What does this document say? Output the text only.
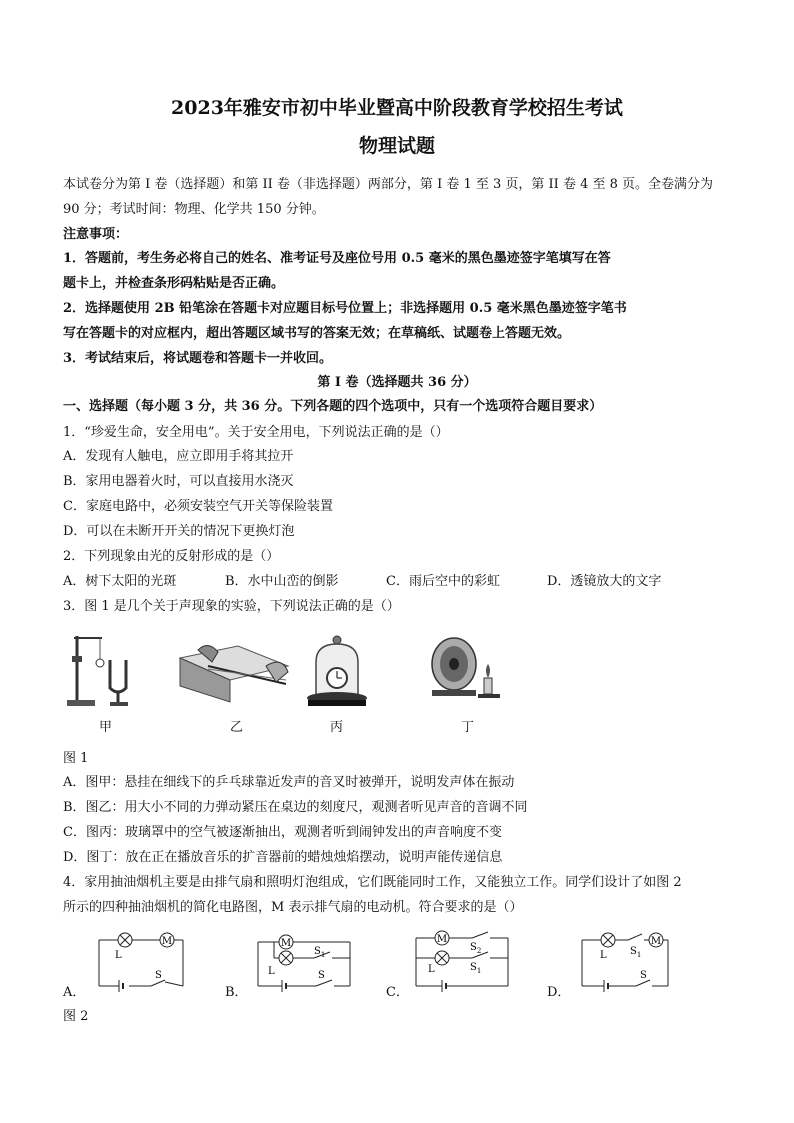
2023年雅安市初中毕业暨高中阶段教育学校招生考试
物理试题
本试卷分为第 I 卷（选择题）和第 II 卷（非选择题）两部分，第 I 卷 1 至 3 页，第 II 卷 4 至 8 页。全卷满分为
90 分；考试时间：物理、化学共 150 分钟。
注意事项：
1．答题前，考生务必将自己的姓名、准考证号及座位号用 0.5 毫米的黑色墨迹签字笔填写在答
题卡上，并检查条形码粘贴是否正确。
2．选择题使用 2B 铅笔涂在答题卡对应题目标号位置上；非选择题用 0.5 毫米黑色墨迹签字笔书
写在答题卡的对应框内，超出答题区域书写的答案无效；在草稿纸、试题卷上答题无效。
3．考试结束后，将试题卷和答题卡一并收回。
第 I 卷（选择题共 36 分）
一、选择题（每小题 3 分，共 36 分。下列各题的四个选项中，只有一个选项符合题目要求）
1．“珍爱生命，安全用电”。关于安全用电，下列说法正确的是（）
A．发现有人触电，应立即用手将其拉开
B．家用电器着火时，可以直接用水浇灭
C．家庭电路中，必须安装空气开关等保险装置
D．可以在未断开开关的情况下更换灯泡
2．下列现象由光的反射形成的是（）
A．树下太阳的光斑	B．水中山峦的倒影	C．雨后空中的彩虹	D．透镜放大的文字
3．图 1 是几个关于声现象的实验，下列说法正确的是（）
甲	乙	丙	丁
图 1
A．图甲：悬挂在细线下的乒乓球靠近发声的音叉时被弹开，说明发声体在振动
B．图乙：用大小不同的力弹动紧压在桌边的刻度尺，观测者听见声音的音调不同
C．图丙：玻璃罩中的空气被逐渐抽出，观测者听到闹钟发出的声音响度不变
D．图丁：放在正在播放音乐的扩音器前的蜡烛烛焰摆动，说明声能传递信息
4．家用抽油烟机主要是由排气扇和照明灯泡组成，它们既能同时工作，又能独立工作。同学们设计了如图 2
所示的四种抽油烟机的简化电路图，M 表示排气扇的电动机。符合要求的是（）
M
L
S
M
L
$S_1$
S
M
L
$S_2$
$S_1$
M
L $S_1$
S
A．	B．	C．	D．
图 2
